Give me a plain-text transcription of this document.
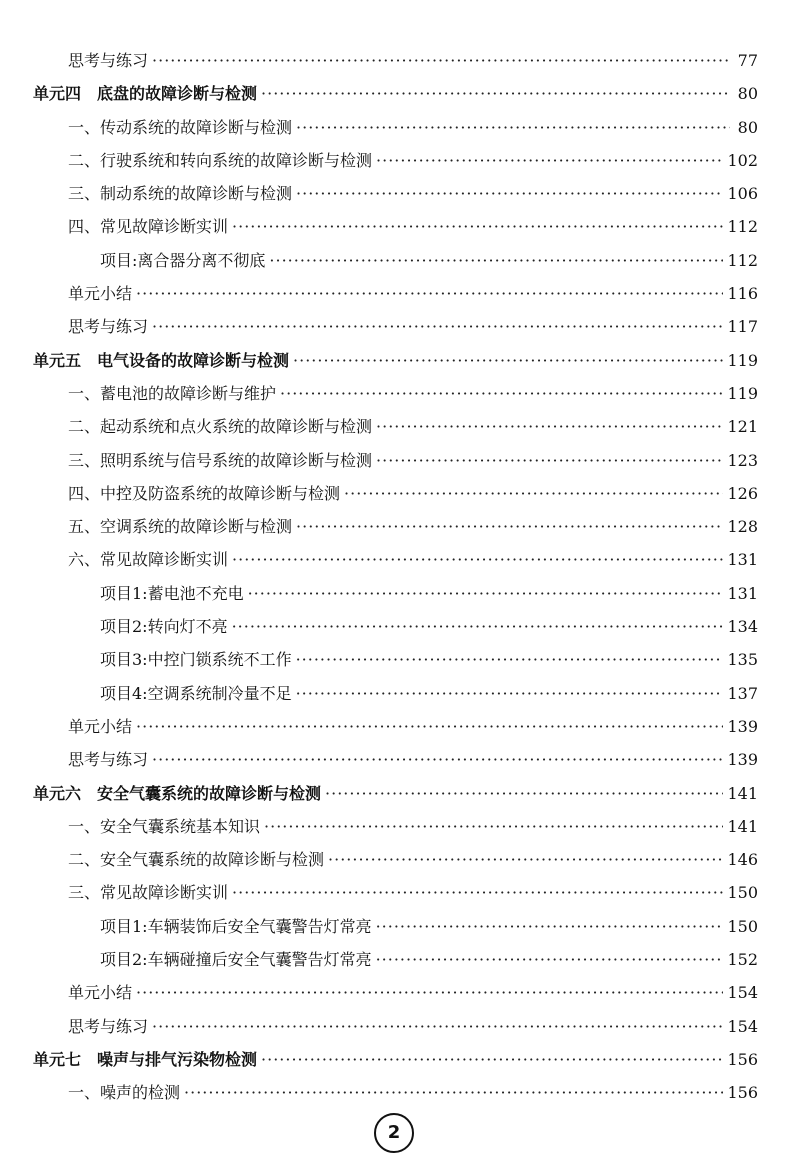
思考与练习 ·····	77
单元四　底盘的故障诊断与检测 ·····	80
一、传动系统的故障诊断与检测 ·····	80
二、行驶系统和转向系统的故障诊断与检测 ·····	102
三、制动系统的故障诊断与检测 ·····	106
四、常见故障诊断实训 ·····	112
项目:离合器分离不彻底 ·····	112
单元小结 ·····	116
思考与练习 ·····	117
单元五　电气设备的故障诊断与检测 ·····	119
一、蓄电池的故障诊断与维护 ·····	119
二、起动系统和点火系统的故障诊断与检测 ·····	121
三、照明系统与信号系统的故障诊断与检测 ·····	123
四、中控及防盗系统的故障诊断与检测 ·····	126
五、空调系统的故障诊断与检测 ·····	128
六、常见故障诊断实训 ·····	131
项目1:蓄电池不充电 ·····	131
项目2:转向灯不亮 ·····	134
项目3:中控门锁系统不工作 ·····	135
项目4:空调系统制冷量不足 ·····	137
单元小结 ·····	139
思考与练习 ·····	139
单元六　安全气囊系统的故障诊断与检测 ·····	141
一、安全气囊系统基本知识 ·····	141
二、安全气囊系统的故障诊断与检测 ·····	146
三、常见故障诊断实训 ·····	150
项目1:车辆装饰后安全气囊警告灯常亮 ·····	150
项目2:车辆碰撞后安全气囊警告灯常亮 ·····	152
单元小结 ·····	154
思考与练习 ·····	154
单元七　噪声与排气污染物检测 ·····	156
一、噪声的检测 ·····	156
2
